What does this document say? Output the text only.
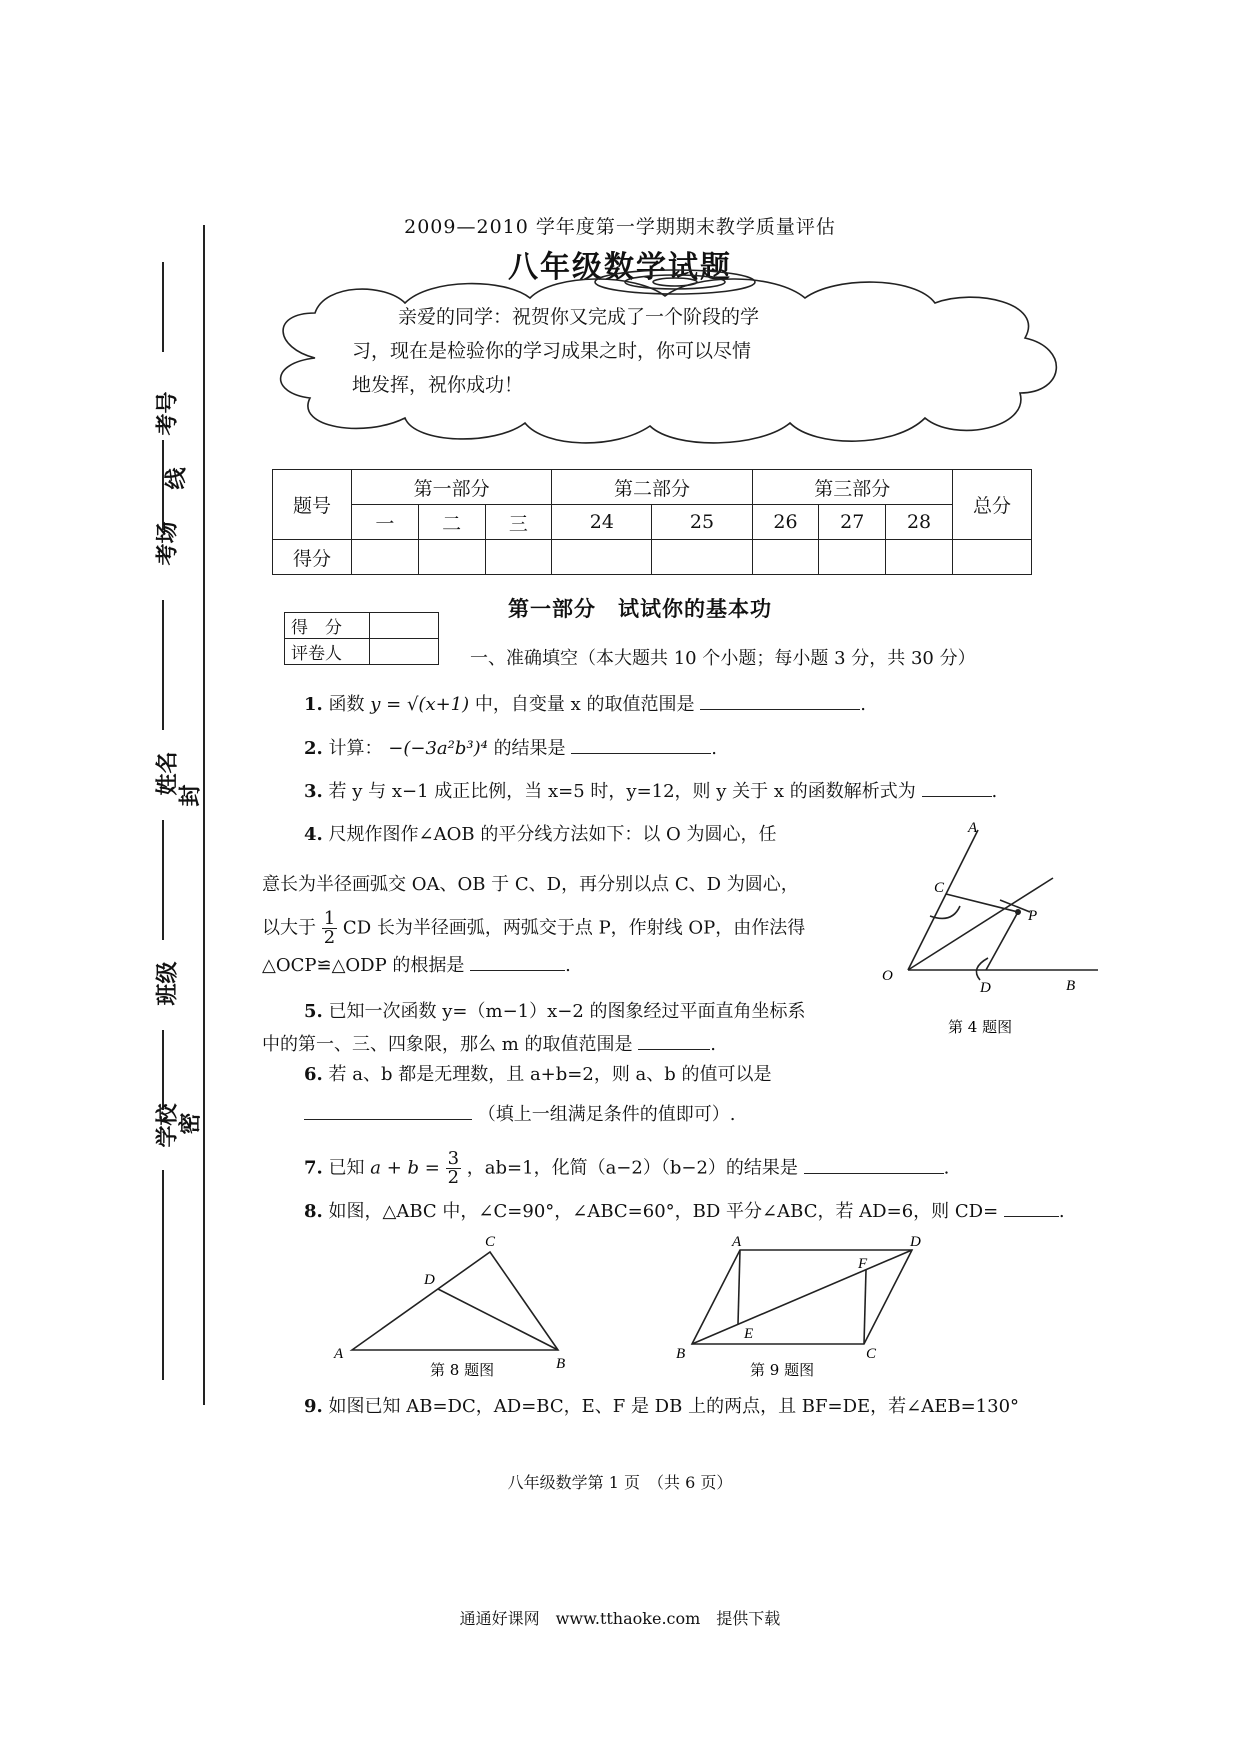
2009—2010 学年度第一学期期末教学质量评估
八年级数学试题
亲爱的同学：祝贺你又完成了一个阶段的学
习，现在是检验你的学习成果之时，你可以尽情
地发挥，祝你成功！
题号	第一部分			第二部分		第三部分			总分
	一	二	三	24	25	26	27	28	
得分									
第一部分　试试你的基本功
得　分	
评卷人		一、准确填空（本大题共 10 个小题；每小题 3 分，共 30 分）
1. 函数 y = √(x+1) 中，自变量 x 的取值范围是	.
2. 计算： −(−3a²b³)⁴ 的结果是	.
3. 若 y 与 x−1 成正比例，当 x=5 时，y=12，则 y 关于 x 的函数解析式为	.
4. 尺规作图作∠AOB 的平分线方法如下：以 O 为圆心，任
意长为半径画弧交 OA、OB 于 C、D，再分别以点 C、D 为圆心，
以大于 $\frac{1}{2}$ CD 长为半径画弧，两弧交于点 P，作射线 OP，由作法得
△OCP≌△ODP 的根据是	.
A
C
P
O
D	B
第 4 题图
5. 已知一次函数 y=（m−1）x−2 的图象经过平面直角坐标系
中的第一、三、四象限，那么 m 的取值范围是	.
6. 若 a、b 都是无理数，且 a+b=2，则 a、b 的值可以是
（填上一组满足条件的值即可）.
7. 已知 $a + b = \frac{3}{2}$ ，ab=1，化简（a−2）（b−2）的结果是	.
8. 如图，△ABC 中，∠C=90°，∠ABC=60°，BD 平分∠ABC，若 AD=6，则 CD=	.
C
D
A
B
第 8 题图
A	D
F
E
B	C
第 9 题图
9. 如图已知 AB=DC，AD=BC，E、F 是 DB 上的两点，且 BF=DE，若∠AEB=130°
考号
线
考场
姓名
封
班级
学校
密
八年级数学第 1 页　（共 6 页）
通通好课网　www.tthaoke.com　提供下载
